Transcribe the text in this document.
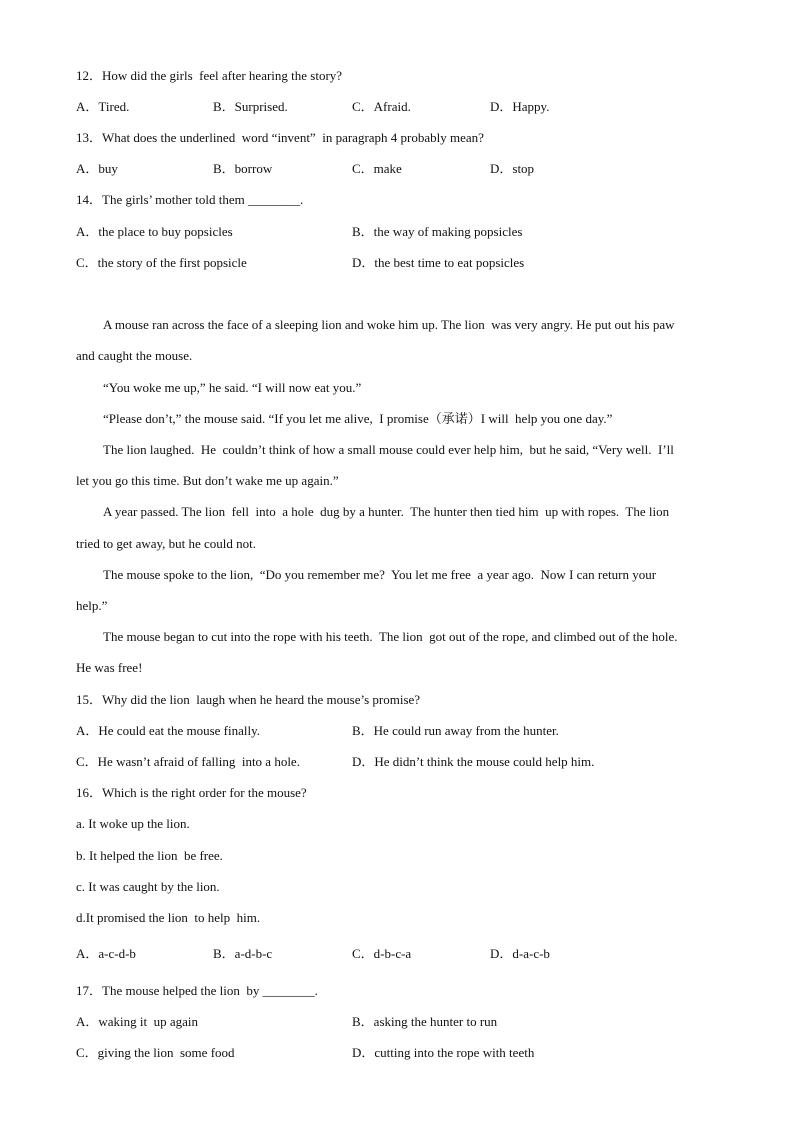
12．How did the girls  feel after hearing the story?
A．Tired.	B．Surprised.	C．Afraid.	D．Happy.
13．What does the underlined  word “invent”  in paragraph 4 probably mean?
A．buy	B．borrow	C．make	D．stop
14．The girls’ mother told them ________.
A．the place to buy popsicles	B．the way of making popsicles
C．the story of the first popsicle	D．the best time to eat popsicles
A mouse ran across the face of a sleeping lion and woke him up. The lion  was very angry. He put out his paw
and caught the mouse.
“You woke me up,” he said. “I will now eat you.”
“Please don’t,” the mouse said. “If you let me alive,  I promise（承诺）I will  help you one day.”
The lion laughed.  He  couldn’t think of how a small mouse could ever help him,  but he said, “Very well.  I’ll
let you go this time. But don’t wake me up again.”
A year passed. The lion  fell  into  a hole  dug by a hunter.  The hunter then tied him  up with ropes.  The lion
tried to get away, but he could not.
The mouse spoke to the lion,  “Do you remember me?  You let me free  a year ago.  Now I can return your
help.”
The mouse began to cut into the rope with his teeth.  The lion  got out of the rope, and climbed out of the hole.
He was free!
15．Why did the lion  laugh when he heard the mouse’s promise?
A．He could eat the mouse finally.	B．He could run away from the hunter.
C．He wasn’t afraid of falling  into a hole.	D．He didn’t think the mouse could help him.
16．Which is the right order for the mouse?
a. It woke up the lion.
b. It helped the lion  be free.
c. It was caught by the lion.
d.It promised the lion  to help  him.
A．a-c-d-b	B．a-d-b-c	C．d-b-c-a	D．d-a-c-b
17．The mouse helped the lion  by ________.
A．waking it  up again	B．asking the hunter to run
C．giving the lion  some food	D．cutting into the rope with teeth
